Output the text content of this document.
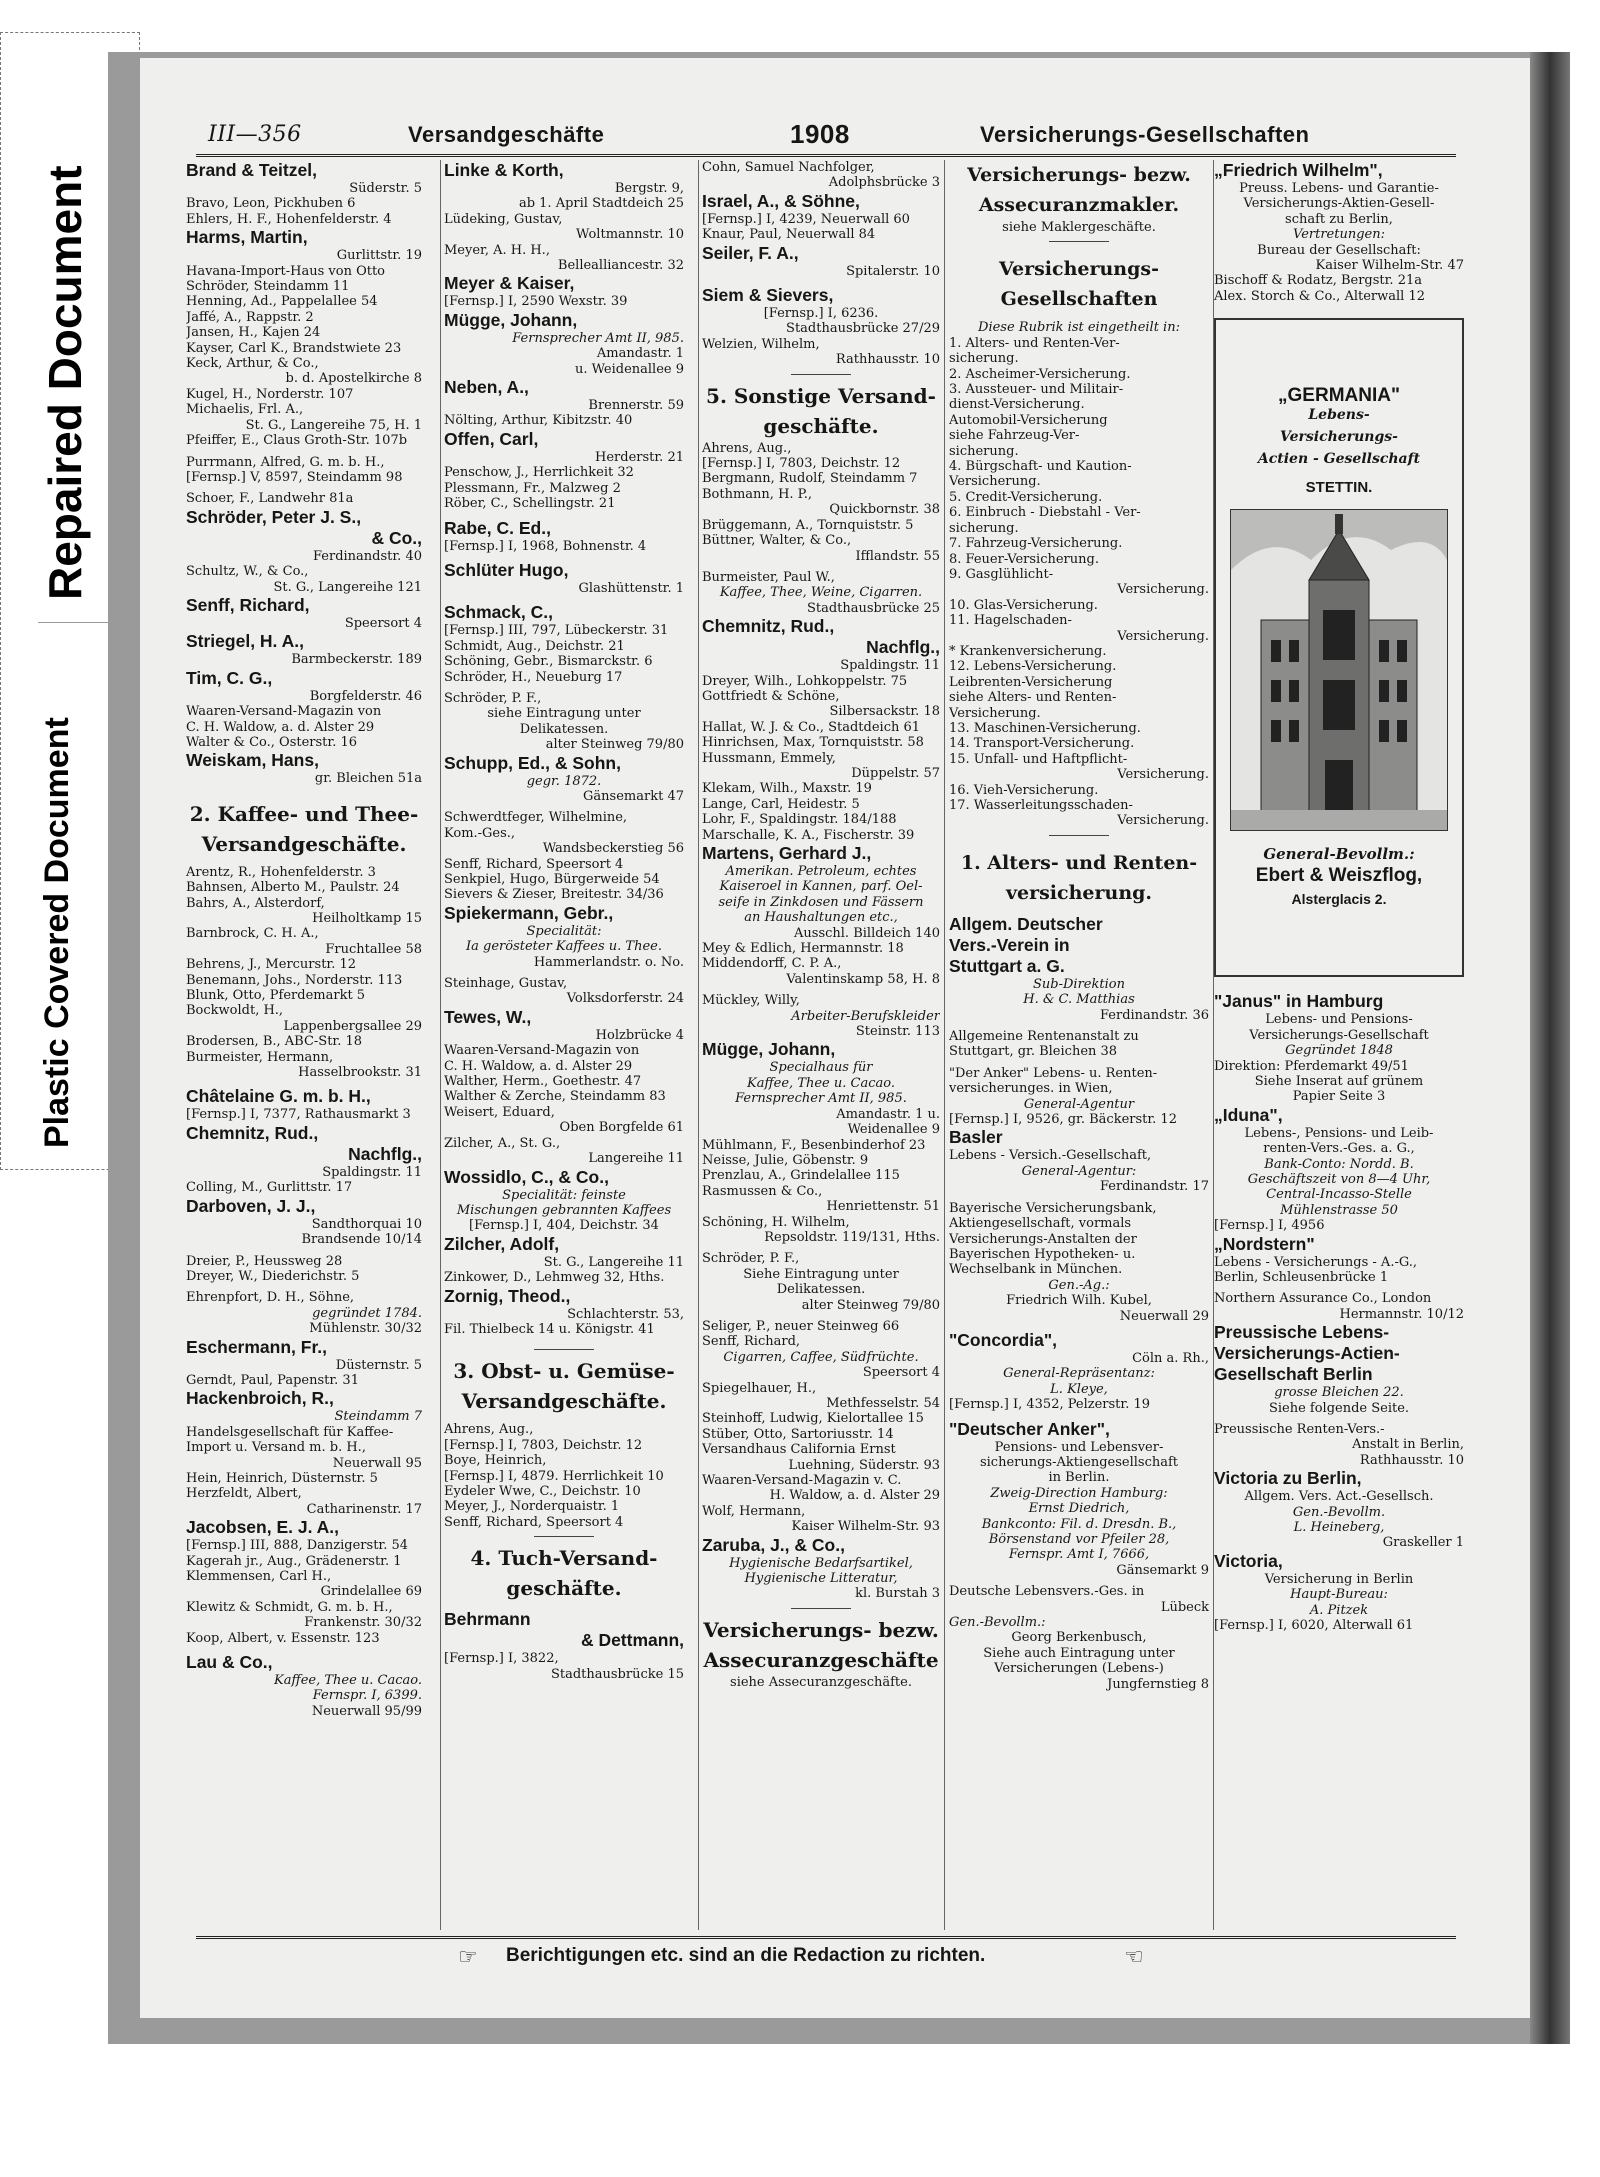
Repaired Document
Plastic Covered Document
III—356	Versandgeschäfte	1908	Versicherungs-Gesellschaften
Brand & Teitzel,
Süderstr. 5
Bravo, Leon, Pickhuben 6
Ehlers, H. F., Hohenfelderstr. 4
Harms, Martin,
Gurlittstr. 19
Havana-Import-Haus von Otto
Schröder, Steindamm 11
Henning, Ad., Pappelallee 54
Jaffé, A., Rappstr. 2
Jansen, H., Kajen 24
Kayser, Carl K., Brandstwiete 23
Keck, Arthur, & Co.,
b. d. Apostelkirche 8
Kugel, H., Norderstr. 107
Michaelis, Frl. A.,
St. G., Langereihe 75, H. 1
Pfeiffer, E., Claus Groth-Str. 107b
Purrmann, Alfred, G. m. b. H.,
[Fernsp.] V, 8597, Steindamm 98
Schoer, F., Landwehr 81a
Schröder, Peter J. S.,
& Co.,
Ferdinandstr. 40
Schultz, W., & Co.,
St. G., Langereihe 121
Senff, Richard,
Speersort 4
Striegel, H. A.,
Barmbeckerstr. 189
Tim, C. G.,
Borgfelderstr. 46
Waaren-Versand-Magazin von
C. H. Waldow, a. d. Alster 29
Walter & Co., Osterstr. 16
Weiskam, Hans,
gr. Bleichen 51a
2. Kaffee- und Thee-
Versandgeschäfte.
Arentz, R., Hohenfelderstr. 3
Bahnsen, Alberto M., Paulstr. 24
Bahrs, A., Alsterdorf,
Heilholtkamp 15
Barnbrock, C. H. A.,
Fruchtallee 58
Behrens, J., Mercurstr. 12
Benemann, Johs., Norderstr. 113
Blunk, Otto, Pferdemarkt 5
Bockwoldt, H.,
Lappenbergsallee 29
Brodersen, B., ABC-Str. 18
Burmeister, Hermann,
Hasselbrookstr. 31
Châtelaine G. m. b. H.,
[Fernsp.] I, 7377, Rathausmarkt 3
Chemnitz, Rud.,
Nachflg.,
Spaldingstr. 11
Colling, M., Gurlittstr. 17
Darboven, J. J.,
Sandthorquai 10
Brandsende 10/14
Dreier, P., Heussweg 28
Dreyer, W., Diederichstr. 5
Ehrenpfort, D. H., Söhne,
gegründet 1784.
Mühlenstr. 30/32
Eschermann, Fr.,
Düsternstr. 5
Gerndt, Paul, Papenstr. 31
Hackenbroich, R.,
Steindamm 7
Handelsgesellschaft für Kaffee-
Import u. Versand m. b. H.,
Neuerwall 95
Hein, Heinrich, Düsternstr. 5
Herzfeldt, Albert,
Catharinenstr. 17
Jacobsen, E. J. A.,
[Fernsp.] III, 888, Danzigerstr. 54
Kagerah jr., Aug., Grädenerstr. 1
Klemmensen, Carl H.,
Grindelallee 69
Klewitz & Schmidt, G. m. b. H.,
Frankenstr. 30/32
Koop, Albert, v. Essenstr. 123
Lau & Co.,
Kaffee, Thee u. Cacao.
Fernspr. I, 6399.
Neuerwall 95/99
Linke & Korth,
Bergstr. 9,
ab 1. April Stadtdeich 25
Lüdeking, Gustav,
Woltmannstr. 10
Meyer, A. H. H.,
Bellealliancestr. 32
Meyer & Kaiser,
[Fernsp.] I, 2590 Wexstr. 39
Mügge, Johann,
Fernsprecher Amt II, 985.
Amandastr. 1
u. Weidenallee 9
Neben, A.,
Brennerstr. 59
Nölting, Arthur, Kibitzstr. 40
Offen, Carl,
Herderstr. 21
Penschow, J., Herrlichkeit 32
Plessmann, Fr., Malzweg 2
Röber, C., Schellingstr. 21
Rabe, C. Ed.,
[Fernsp.] I, 1968, Bohnenstr. 4
Schlüter Hugo,
Glashüttenstr. 1
Schmack, C.,
[Fernsp.] III, 797, Lübeckerstr. 31
Schmidt, Aug., Deichstr. 21
Schöning, Gebr., Bismarckstr. 6
Schröder, H., Neueburg 17
Schröder, P. F.,
siehe Eintragung unter
Delikatessen.
alter Steinweg 79/80
Schupp, Ed., & Sohn,
gegr. 1872.
Gänsemarkt 47
Schwerdtfeger, Wilhelmine,
Kom.-Ges.,
Wandsbeckerstieg 56
Senff, Richard, Speersort 4
Senkpiel, Hugo, Bürgerweide 54
Sievers & Zieser, Breitestr. 34/36
Spiekermann, Gebr.,
Specialität:
Ia gerösteter Kaffees u. Thee.
Hammerlandstr. o. No.
Steinhage, Gustav,
Volksdorferstr. 24
Tewes, W.,
Holzbrücke 4
Waaren-Versand-Magazin von
C. H. Waldow, a. d. Alster 29
Walther, Herm., Goethestr. 47
Walther & Zerche, Steindamm 83
Weisert, Eduard,
Oben Borgfelde 61
Zilcher, A., St. G.,
Langereihe 11
Wossidlo, C., & Co.,
Specialität: feinste
Mischungen gebrannten Kaffees
[Fernsp.] I, 404, Deichstr. 34
Zilcher, Adolf,
St. G., Langereihe 11
Zinkower, D., Lehmweg 32, Hths.
Zornig, Theod.,
Schlachterstr. 53,
Fil. Thielbeck 14 u. Königstr. 41
3. Obst- u. Gemüse-
Versandgeschäfte.
Ahrens, Aug.,
[Fernsp.] I, 7803, Deichstr. 12
Boye, Heinrich,
[Fernsp.] I, 4879. Herrlichkeit 10
Eydeler Wwe, C., Deichstr. 10
Meyer, J., Norderquaistr. 1
Senff, Richard, Speersort 4
4. Tuch-Versand-
geschäfte.
Behrmann
& Dettmann,
[Fernsp.] I, 3822,
Stadthausbrücke 15
Cohn, Samuel Nachfolger,
Adolphsbrücke 3
Israel, A., & Söhne,
[Fernsp.] I, 4239, Neuerwall 60
Knaur, Paul, Neuerwall 84
Seiler, F. A.,
Spitalerstr. 10
Siem & Sievers,
[Fernsp.] I, 6236.
Stadthausbrücke 27/29
Welzien, Wilhelm,
Rathhausstr. 10
5. Sonstige Versand-
geschäfte.
Ahrens, Aug.,
[Fernsp.] I, 7803, Deichstr. 12
Bergmann, Rudolf, Steindamm 7
Bothmann, H. P.,
Quickbornstr. 38
Brüggemann, A., Tornquiststr. 5
Büttner, Walter, & Co.,
Ifflandstr. 55
Burmeister, Paul W.,
Kaffee, Thee, Weine, Cigarren.
Stadthausbrücke 25
Chemnitz, Rud.,
Nachflg.,
Spaldingstr. 11
Dreyer, Wilh., Lohkoppelstr. 75
Gottfriedt & Schöne,
Silbersackstr. 18
Hallat, W. J. & Co., Stadtdeich 61
Hinrichsen, Max, Tornquiststr. 58
Hussmann, Emmely,
Düppelstr. 57
Klekam, Wilh., Maxstr. 19
Lange, Carl, Heidestr. 5
Lohr, F., Spaldingstr. 184/188
Marschalle, K. A., Fischerstr. 39
Martens, Gerhard J.,
Amerikan. Petroleum, echtes
Kaiseroel in Kannen, parf. Oel-
seife in Zinkdosen und Fässern
an Haushaltungen etc.,
Ausschl. Billdeich 140
Mey & Edlich, Hermannstr. 18
Middendorff, C. P. A.,
Valentinskamp 58, H. 8
Mückley, Willy,
Arbeiter-Berufskleider
Steinstr. 113
Mügge, Johann,
Specialhaus für
Kaffee, Thee u. Cacao.
Fernsprecher Amt II, 985.
Amandastr. 1 u.
Weidenallee 9
Mühlmann, F., Besenbinderhof 23
Neisse, Julie, Göbenstr. 9
Prenzlau, A., Grindelallee 115
Rasmussen & Co.,
Henriettenstr. 51
Schöning, H. Wilhelm,
Repsoldstr. 119/131, Hths.
Schröder, P. F.,
Siehe Eintragung unter
Delikatessen.
alter Steinweg 79/80
Seliger, P., neuer Steinweg 66
Senff, Richard,
Cigarren, Caffee, Südfrüchte.
Speersort 4
Spiegelhauer, H.,
Methfesselstr. 54
Steinhoff, Ludwig, Kielortallee 15
Stüber, Otto, Sartoriusstr. 14
Versandhaus California Ernst
Luehning, Süderstr. 93
Waaren-Versand-Magazin v. C.
H. Waldow, a. d. Alster 29
Wolf, Hermann,
Kaiser Wilhelm-Str. 93
Zaruba, J., & Co.,
Hygienische Bedarfsartikel,
Hygienische Litteratur,
kl. Burstah 3
Versicherungs- bezw.
Assecuranzgeschäfte
siehe Assecuranzgeschäfte.
Versicherungs- bezw.
Assecuranzmakler.
siehe Maklergeschäfte.
Versicherungs-
Gesellschaften
Diese Rubrik ist eingetheilt in:
1. Alters- und Renten-Ver-
sicherung.
2. Ascheimer-Versicherung.
3. Aussteuer- und Militair-
dienst-Versicherung.
Automobil-Versicherung
siehe Fahrzeug-Ver-
sicherung.
4. Bürgschaft- und Kaution-
Versicherung.
5. Credit-Versicherung.
6. Einbruch - Diebstahl - Ver-
sicherung.
7. Fahrzeug-Versicherung.
8. Feuer-Versicherung.
9. Gasglühlicht-
Versicherung.
10. Glas-Versicherung.
11. Hagelschaden-
Versicherung.
* Krankenversicherung.
12. Lebens-Versicherung.
Leibrenten-Versicherung
siehe Alters- und Renten-
Versicherung.
13. Maschinen-Versicherung.
14. Transport-Versicherung.
15. Unfall- und Haftpflicht-
Versicherung.
16. Vieh-Versicherung.
17. Wasserleitungsschaden-
Versicherung.
1. Alters- und Renten-
versicherung.
Allgem. Deutscher
Vers.-Verein in
Stuttgart a. G.
Sub-Direktion
H. & C. Matthias
Ferdinandstr. 36
Allgemeine Rentenanstalt zu
Stuttgart, gr. Bleichen 38
"Der Anker" Lebens- u. Renten-
versicherunges. in Wien,
General-Agentur
[Fernsp.] I, 9526, gr. Bäckerstr. 12
Basler
Lebens - Versich.-Gesellschaft,
General-Agentur:
Ferdinandstr. 17
Bayerische Versicherungsbank,
Aktiengesellschaft, vormals
Versicherungs-Anstalten der
Bayerischen Hypotheken- u.
Wechselbank in München.
Gen.-Ag.:
Friedrich Wilh. Kubel,
Neuerwall 29
"Concordia",
Cöln a. Rh.,
General-Repräsentanz:
L. Kleye,
[Fernsp.] I, 4352, Pelzerstr. 19
"Deutscher Anker",
Pensions- und Lebensver-
sicherungs-Aktiengesellschaft
in Berlin.
Zweig-Direction Hamburg:
Ernst Diedrich,
Bankconto: Fil. d. Dresdn. B.,
Börsenstand vor Pfeiler 28,
Fernspr. Amt I, 7666,
Gänsemarkt 9
Deutsche Lebensvers.-Ges. in
Lübeck
Gen.-Bevollm.:
Georg Berkenbusch,
Siehe auch Eintragung unter
Versicherungen (Lebens-)
Jungfernstieg 8
„Friedrich Wilhelm",
Preuss. Lebens- und Garantie-
Versicherungs-Aktien-Gesell-
schaft zu Berlin,
Vertretungen:
Bureau der Gesellschaft:
Kaiser Wilhelm-Str. 47
Bischoff & Rodatz, Bergstr. 21a
Alex. Storch & Co., Alterwall 12
„GERMANIA"
Lebens-
Versicherungs-
Actien - Gesellschaft
STETTIN.
General-Bevollm.:
Ebert & Weiszflog,
Alsterglacis 2.
"Janus" in Hamburg
Lebens- und Pensions-
Versicherungs-Gesellschaft
Gegründet 1848
Direktion: Pferdemarkt 49/51
Siehe Inserat auf grünem
Papier Seite 3
„Iduna",
Lebens-, Pensions- und Leib-
renten-Vers.-Ges. a. G.,
Bank-Conto: Nordd. B.
Geschäftszeit von 8—4 Uhr,
Central-Incasso-Stelle
Mühlenstrasse 50
[Fernsp.] I, 4956
„Nordstern"
Lebens - Versicherungs - A.-G.,
Berlin, Schleusenbrücke 1
Northern Assurance Co., London
Hermannstr. 10/12
Preussische Lebens-
Versicherungs-Actien-
Gesellschaft Berlin
grosse Bleichen 22.
Siehe folgende Seite.
Preussische Renten-Vers.-
Anstalt in Berlin,
Rathhausstr. 10
Victoria zu Berlin,
Allgem. Vers. Act.-Gesellsch.
Gen.-Bevollm.
L. Heineberg,
Graskeller 1
Victoria,
Versicherung in Berlin
Haupt-Bureau:
A. Pitzek
[Fernsp.] I, 6020, Alterwall 61
☞ Berichtigungen etc. sind an die Redaction zu richten.	☞
